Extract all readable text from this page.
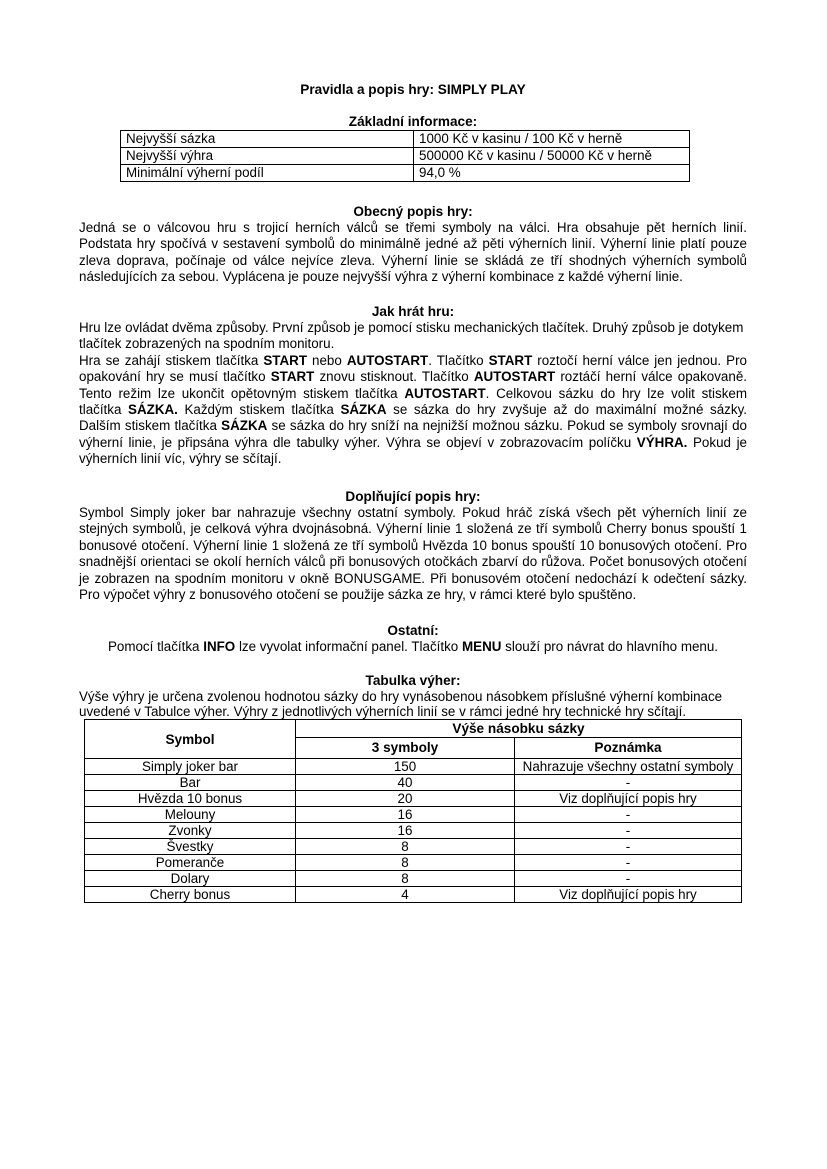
Pravidla a popis hry: SIMPLY PLAY
Základní informace:
Nejvyšší sázka	1000 Kč v kasinu / 100 Kč v herně
Nejvyšší výhra	500000 Kč v kasinu / 50000 Kč v herně
Minimální výherní podíl	94,0 %
Obecný popis hry:
Jedná se o válcovou hru s trojicí herních válců se třemi symboly na válci. Hra obsahuje pět herních linií. Podstata hry spočívá v sestavení symbolů do minimálně jedné až pěti výherních linií. Výherní linie platí pouze zleva doprava, počínaje od válce nejvíce zleva. Výherní linie se skládá ze tří shodných výherních symbolů následujících za sebou. Vyplácena je pouze nejvyšší výhra z výherní kombinace z každé výherní linie.
Jak hrát hru:
Hru lze ovládat dvěma způsoby. První způsob je pomocí stisku mechanických tlačítek. Druhý způsob je dotykem tlačítek zobrazených na spodním monitoru.
Hra se zahájí stiskem tlačítka START nebo AUTOSTART. Tlačítko START roztočí herní válce jen jednou. Pro opakování hry se musí tlačítko START znovu stisknout. Tlačítko AUTOSTART roztáčí herní válce opakovaně. Tento režim lze ukončit opětovným stiskem tlačítka AUTOSTART. Celkovou sázku do hry lze volit stiskem tlačítka SÁZKA. Každým stiskem tlačítka SÁZKA se sázka do hry zvyšuje až do maximální možné sázky. Dalším stiskem tlačítka SÁZKA se sázka do hry sníží na nejnižší možnou sázku. Pokud se symboly srovnají do výherní linie, je připsána výhra dle tabulky výher. Výhra se objeví v zobrazovacím políčku VÝHRA. Pokud je výherních linií víc, výhry se sčítají.
Doplňující popis hry:
Symbol Simply joker bar nahrazuje všechny ostatní symboly. Pokud hráč získá všech pět výherních linií ze stejných symbolů, je celková výhra dvojnásobná. Výherní linie 1 složená ze tří symbolů Cherry bonus spouští 1 bonusové otočení. Výherní linie 1 složená ze tří symbolů Hvězda 10 bonus spouští 10 bonusových otočení. Pro snadnější orientaci se okolí herních válců při bonusových otočkách zbarví do růžova. Počet bonusových otočení je zobrazen na spodním monitoru v okně BONUSGAME. Při bonusovém otočení nedochází k odečtení sázky. Pro výpočet výhry z bonusového otočení se použije sázka ze hry, v rámci které bylo spuštěno.
Ostatní:
Pomocí tlačítka INFO lze vyvolat informační panel. Tlačítko MENU slouží pro návrat do hlavního menu.
Tabulka výher:
Výše výhry je určena zvolenou hodnotou sázky do hry vynásobenou násobkem příslušné výherní kombinace uvedené v Tabulce výher. Výhry z jednotlivých výherních linií se v rámci jedné hry technické hry sčítají.
Symbol	Výše násobku sázky	
	3 symboly	Poznámka
Simply joker bar	150	Nahrazuje všechny ostatní symboly
Bar	40	-
Hvězda 10 bonus	20	Viz doplňující popis hry
Melouny	16	-
Zvonky	16	-
Švestky	8	-
Pomeranče	8	-
Dolary	8	-
Cherry bonus	4	Viz doplňující popis hry
